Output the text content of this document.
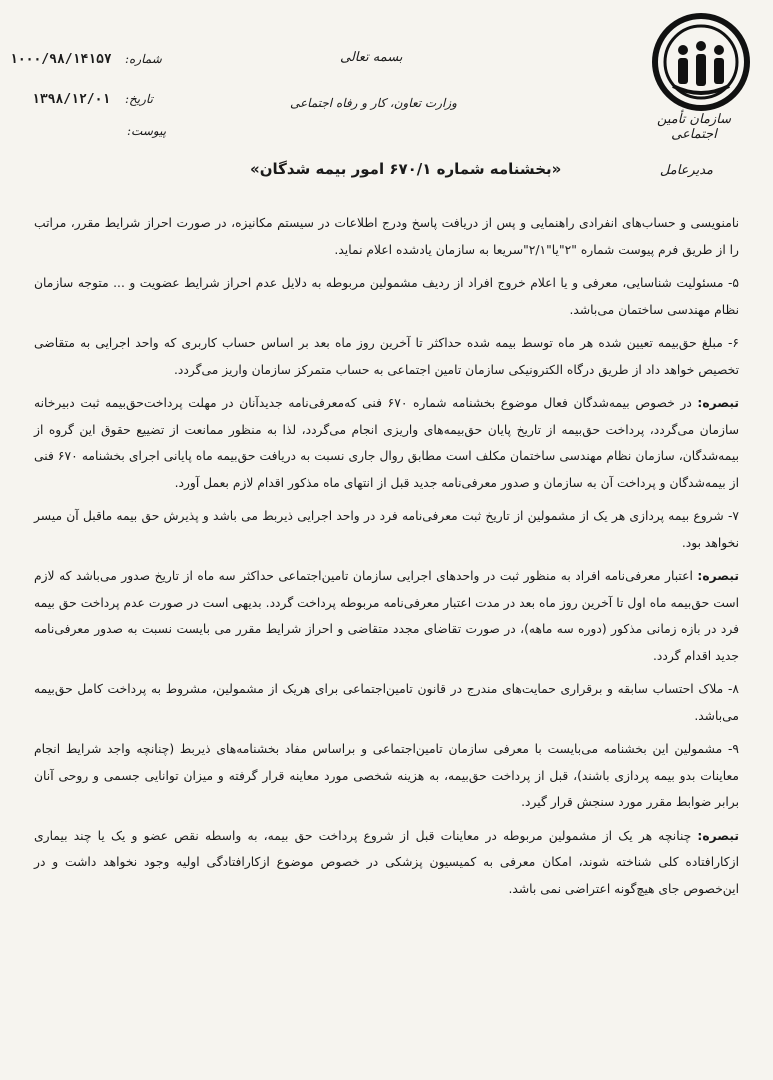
سازمان تأمین اجتماعی
بسمه تعالی
وزارت تعاون، کار و رفاه اجتماعی
شماره:
۱۰۰۰/۹۸/۱۴۱۵۷
تاریخ:
۱۳۹۸/۱۲/۰۱
پیوست:
«بخشنامه شماره ۶۷۰/۱ امور بیمه شدگان»	مدیرعامل

نامنویسی و حساب‌های انفرادی راهنمایی و پس از دریافت پاسخ ودرج اطلاعات در سیستم مکانیزه، در صورت احراز شرایط مقرر، مراتب را از طریق فرم پیوست شماره "۲"یا"۲/۱"سریعا به سازمان یادشده اعلام نماید.

۵- مسئولیت شناسایی، معرفی و یا اعلام خروج افراد از ردیف مشمولین مربوطه به دلایل عدم احراز شرایط عضویت و ... متوجه سازمان نظام مهندسی ساختمان می‌باشد.

۶- مبلغ حق‌بیمه تعیین شده هر ماه توسط بیمه شده حداکثر تا آخرین روز ماه بعد بر اساس حساب کاربری که واحد اجرایی به متقاضی تخصیص خواهد داد از طریق درگاه الکترونیکی سازمان تامین اجتماعی به حساب متمرکز سازمان واریز می‌گردد.

تبصره: در خصوص بیمه‌شدگان فعال موضوع بخشنامه شماره ۶۷۰ فنی که‌معرفی‌نامه جدیدآنان در مهلت پرداخت‌حق‌بیمه ثبت دبیرخانه سازمان می‌گردد، پرداخت حق‌بیمه از تاریخ پایان حق‌بیمه‌های واریزی انجام می‌گردد، لذا به منظور ممانعت از تضییع حقوق این گروه از بیمه‌شدگان، سازمان نظام مهندسی ساختمان مکلف است مطابق روال جاری نسبت به دریافت حق‌بیمه ماه پایانی اجرای بخشنامه ۶۷۰ فنی از بیمه‌شدگان و پرداخت آن به سازمان و صدور معرفی‌نامه جدید قبل از انتهای ماه مذکور اقدام لازم بعمل آورد.

۷- شروع بیمه پردازی هر یک از مشمولین از تاریخ ثبت معرفی‌نامه فرد در واحد اجرایی ذیربط می باشد و پذیرش حق بیمه ماقبل آن میسر نخواهد بود.

تبصره: اعتبار معرفی‌نامه افراد به منظور ثبت در واحدهای اجرایی سازمان تامین‌اجتماعی حداکثر سه ماه از تاریخ صدور می‌باشد که لازم است حق‌بیمه ماه اول تا آخرین روز ماه بعد در مدت اعتبار معرفی‌نامه مربوطه پرداخت گردد. بدیهی است در صورت عدم پرداخت حق بیمه فرد در بازه زمانی مذکور (دوره سه ماهه)، در صورت تقاضای مجدد متقاضی و احراز شرایط مقرر می بایست نسبت به صدور معرفی‌نامه جدید اقدام گردد.

۸- ملاک احتساب سابقه و برقراری حمایت‌های مندرج در قانون تامین‌اجتماعی برای هریک از مشمولین، مشروط به پرداخت کامل حق‌بیمه می‌باشد.

۹- مشمولین این بخشنامه می‌بایست با معرفی سازمان تامین‌اجتماعی و براساس مفاد بخشنامه‌های ذیربط (چنانچه واجد شرایط انجام معاینات بدو بیمه پردازی باشند)، قبل از پرداخت حق‌بیمه، به هزینه شخصی مورد معاینه قرار گرفته و میزان توانایی جسمی و روحی آنان برابر ضوابط مقرر مورد سنجش قرار گیرد.

تبصره: چنانچه هر یک از مشمولین مربوطه در معاینات قبل از شروع پرداخت حق بیمه، به واسطه نقص عضو و یک یا چند بیماری ازکارافتاده کلی شناخته شوند، امکان معرفی به کمیسیون پزشکی در خصوص موضوع ازکارافتادگی اولیه وجود نخواهد داشت و در این‌خصوص جای هیچ‌گونه اعتراضی نمی باشد.
